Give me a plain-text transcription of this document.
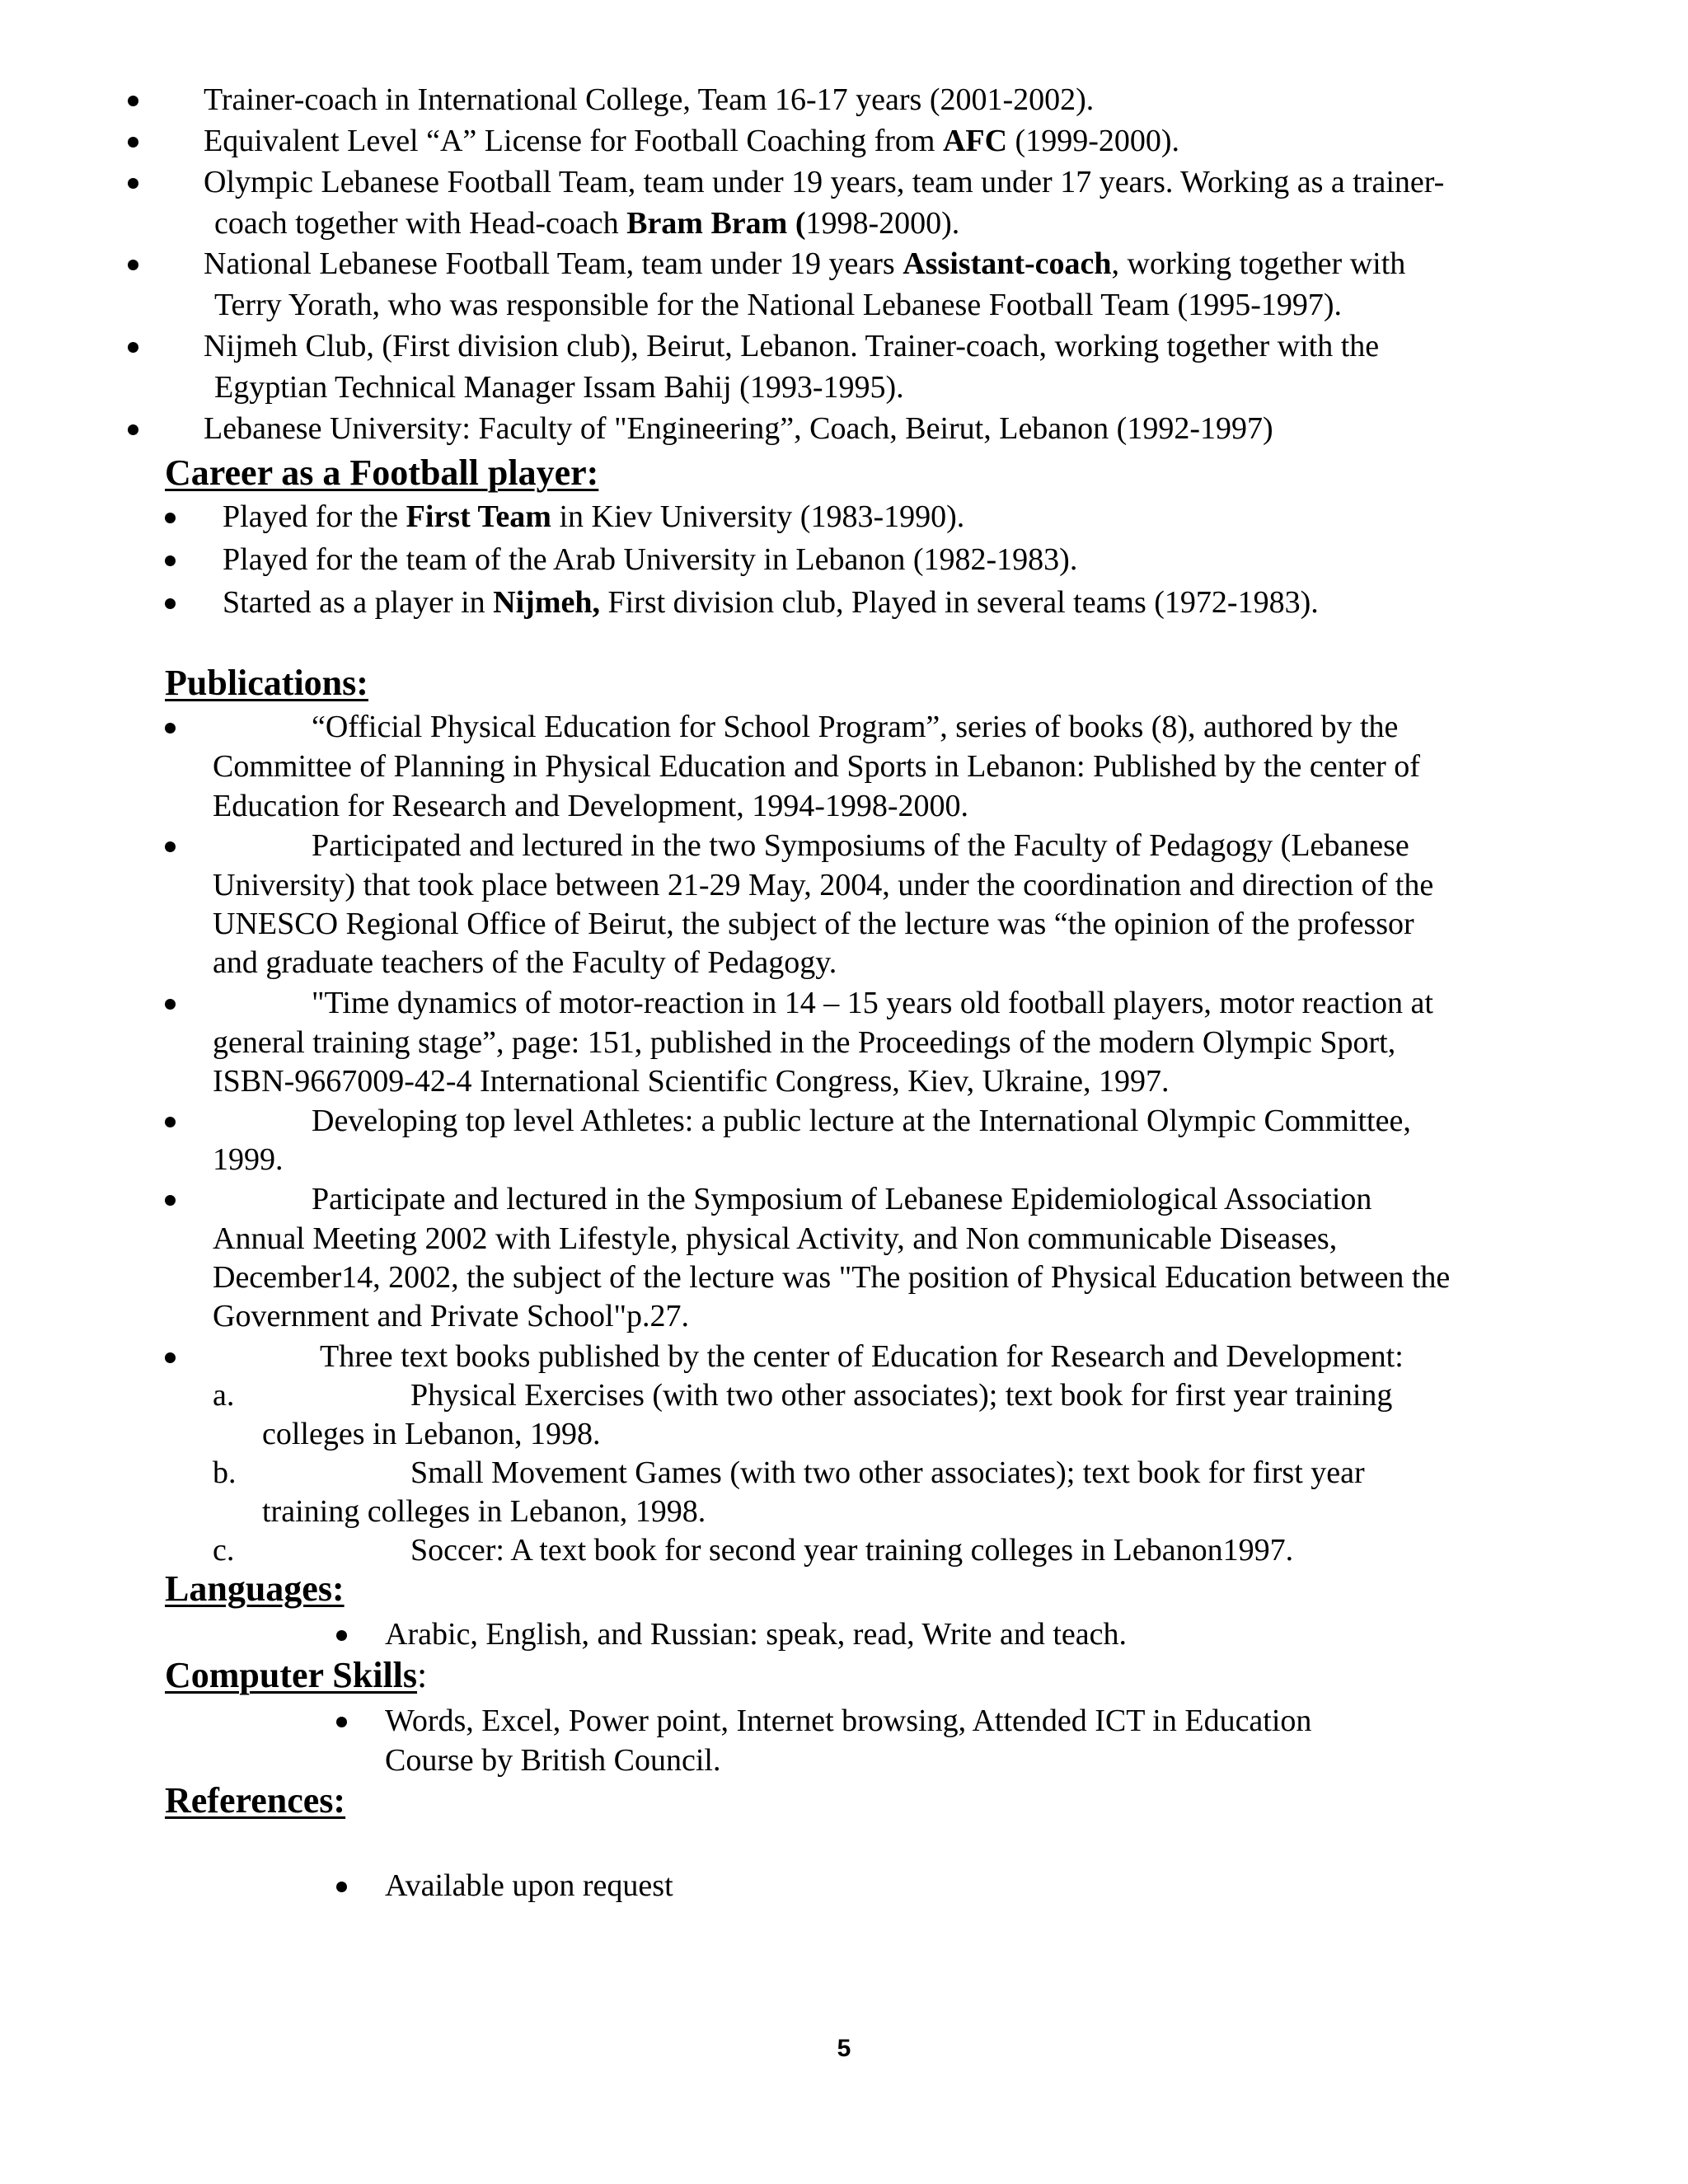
Trainer-coach in International College, Team 16-17 years (2001-2002).
Equivalent Level “A” License for Football Coaching from AFC (1999-2000).
Olympic Lebanese Football Team, team under 19 years, team under 17 years. Working as a trainer-
coach together with Head-coach Bram Bram (1998-2000).
National Lebanese Football Team, team under 19 years Assistant-coach, working together with
Terry Yorath, who was responsible for the National Lebanese Football Team (1995-1997).
Nijmeh Club, (First division club), Beirut, Lebanon. Trainer-coach, working together with the
Egyptian Technical Manager Issam Bahij (1993-1995).
Lebanese University: Faculty of "Engineering”, Coach, Beirut, Lebanon (1992-1997)
Career as a Football player:
Played for the First Team in Kiev University (1983-1990).
Played for the team of the Arab University in Lebanon (1982-1983).
Started as a player in Nijmeh, First division club, Played in several teams (1972-1983).
Publications:
“Official Physical Education for School Program”, series of books (8), authored by the
Committee of Planning in Physical Education and Sports in Lebanon: Published by the center of
Education for Research and Development, 1994-1998-2000.
Participated and lectured in the two Symposiums of the Faculty of Pedagogy (Lebanese
University) that took place between 21-29 May, 2004, under the coordination and direction of the
UNESCO Regional Office of Beirut, the subject of the lecture was “the opinion of the professor
and graduate teachers of the Faculty of Pedagogy.
"Time dynamics of motor-reaction in 14 – 15 years old football players, motor reaction at
general training stage”, page: 151, published in the Proceedings of the modern Olympic Sport,
ISBN-9667009-42-4 International Scientific Congress, Kiev, Ukraine, 1997.
Developing top level Athletes: a public lecture at the International Olympic Committee,
1999.
Participate and lectured in the Symposium of Lebanese Epidemiological Association
Annual Meeting 2002 with Lifestyle, physical Activity, and Non communicable Diseases,
December14, 2002, the subject of the lecture was "The position of Physical Education between the
Government and Private School"p.27.
Three text books published by the center of Education for Research and Development:
a.	Physical Exercises (with two other associates); text book for first year training
colleges in Lebanon, 1998.
b.	Small Movement Games (with two other associates); text book for first year
training colleges in Lebanon, 1998.
c.	Soccer: A text book for second year training colleges in Lebanon1997.
Languages:
Arabic, English, and Russian: speak, read, Write and teach.
Computer Skills:
Words, Excel, Power point, Internet browsing, Attended ICT in Education
Course by British Council.
References:
Available upon request
5
